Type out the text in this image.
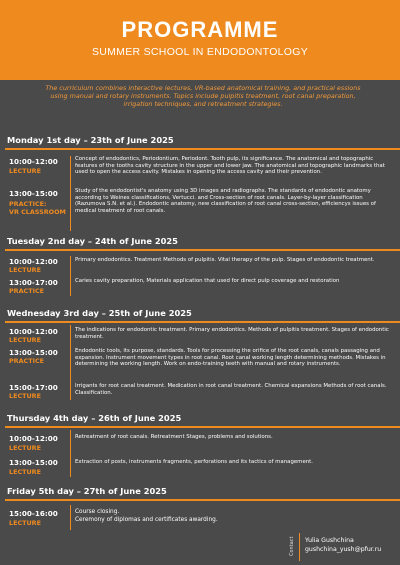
PROGRAMME
SUMMER SCHOOL IN ENDODONTOLOGY
The curriculum combines interactive lectures, VR-based anatomical training, and practical essions using manual and rotary instruments. Topics include pulpitis treatment, root canal preparation, irrigation techniques, and retreatment strategies.
Monday 1st day – 23th of June 2025
10:00-12:00
LECTURE
Concept of endodontics, Periodontium, Periodont. Tooth pulp, its significance. The anatomical and topographic features of the tooths cavity structure in the upper and lower jaw. The anatomical and topographic landmarks that used to open the access cavity. Mistakes in opening the access cavity and their prevention.
13:00-15:00
PRACTICE:
VR CLASSROOM
Study of the endodontist's anatomy using 3D images and radiographs. The standards of endodontic anatomy according to Weines classifications, Vertucci. and Cross-section of root canals. Layer-by-layer classification (Razumova S.N. et al.). Endodontic anatomy, new classification of root canal cross-section, efficiencys issues of medical treatment of root canals.
Tuesday 2nd day – 24th of June 2025
10:00-12:00
LECTURE
Primary endodontics. Treatment Methods of pulpitis. Vital therapy of the pulp. Stages of endodontic treatment.
13:00-17:00
PRACTICE
Caries cavity preparation, Materials application that used for direct pulp coverage and restoration
Wednesday 3rd day – 25th of June 2025
10:00-12:00
LECTURE
The indications for endodontic treatment. Primary endodontics. Methods of pulpitis treatment. Stages of endodontic treatment.
13:00-15:00
PRACTICE
Endodontic tools, its purpose, standards. Tools for processing the orifice of the root canals, canals passaging and expansion. Instrument movement types in root canal. Root canal working length determining methods. Mistakes in determining the working length. Work on endo-training teeth with manual and rotary instruments.
15:00-17:00
LECTURE
Irrigants for root canal treatment. Medication in root canal treatment. Chemical expansions Methods of root canals. Classification.
Thursday 4th day – 26th of June 2025
10:00-12:00
LECTURE
Retreatment of root canals. Retreatment Stages, problems and solutions.
13:00-15:00
LECTURE
Extraction of posts, instruments fragments, perforations and its tactics of management.
Friday 5th day – 27th of June 2025
15:00-16:00
LECTURE
Course closing.
Ceremony of diplomas and certificates awarding.
Contact Yulia Gushchina
gushchina_yush@pfur.ru
